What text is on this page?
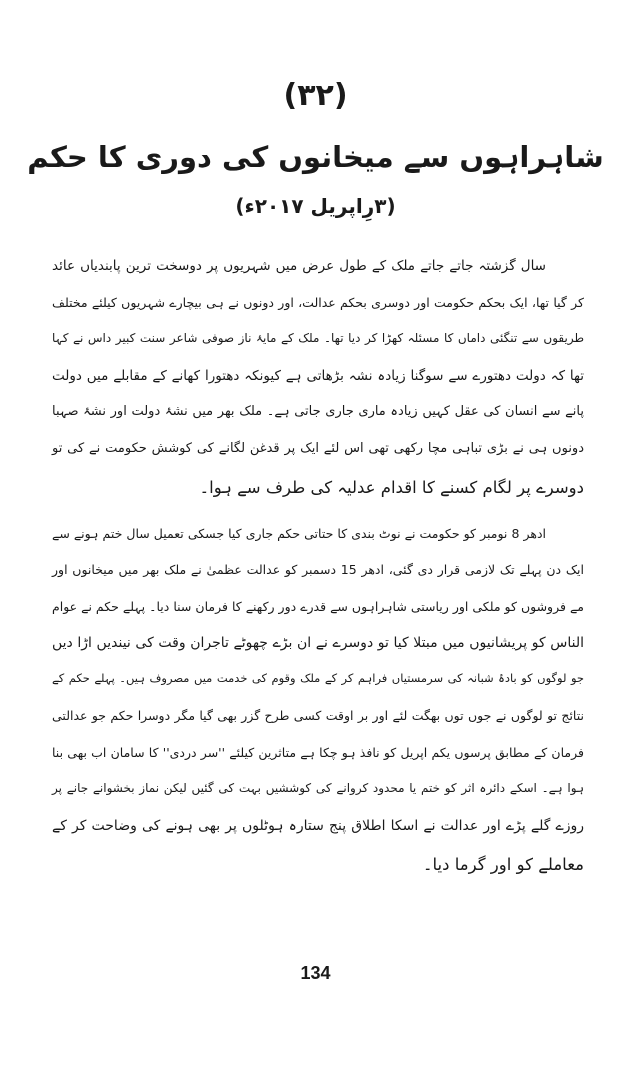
(۳۲)
شاہراہوں سے میخانوں کی دوری کا حکم
(۳رِاپریل ۲۰۱۷ء)
سال گزشتہ جاتے جاتے ملک کے طول عرض میں شہریوں پر دوسخت ترین پابندیاں عائد
کر گیا تھا، ایک بحکم حکومت اور دوسری بحکم عدالت، اور دونوں نے ہی بیچارے شہریوں کیلئے مختلف
طریقوں سے تنگئی داماں کا مسئلہ کھڑا کر دیا تھا۔ ملک کے مایۂ ناز صوفی شاعر سنت کبیر داس نے کہا
تھا کہ دولت دھتورے سے سوگنا زیادہ نشہ بڑھاتی ہے کیونکہ دھتورا کھانے کے مقابلے میں دولت
پانے سے انسان کی عقل کہیں زیادہ ماری جاری جاتی ہے۔ ملک بھر میں نشۂ دولت اور نشۂ صہبا
دونوں ہی نے بڑی تباہی مچا رکھی تھی اس لئے ایک پر قدغن لگانے کی کوشش حکومت نے کی تو
دوسرے پر لگام کسنے کا اقدام عدلیہ کی طرف سے ہوا۔
ادھر 8 نومبر کو حکومت نے نوٹ بندی کا حتاتی حکم جاری کیا جسکی تعمیل سال ختم ہونے سے
ایک دن پہلے تک لازمی قرار دی گئی، ادھر 15 دسمبر کو عدالت عظمیٰ نے ملک بھر میں میخانوں اور
مے فروشوں کو ملکی اور ریاستی شاہراہوں سے قدرے دور رکھنے کا فرمان سنا دیا۔ پہلے حکم نے عوام
الناس کو پریشانیوں میں مبتلا کیا تو دوسرے نے ان بڑے چھوٹے تاجران وقت کی نیندیں اڑا دیں
جو لوگوں کو بادۂ شبانہ کی سرمستیاں فراہم کر کے ملک وقوم کی خدمت میں مصروف ہیں۔ پہلے حکم کے
نتائج تو لوگوں نے جوں توں بھگت لئے اور بر اوقت کسی طرح گزر بھی گیا مگر دوسرا حکم جو عدالتی
فرمان کے مطابق پرسوں یکم اپریل کو نافذ ہو چکا ہے متاثرین کیلئے ''سر دردی'' کا سامان اب بھی بنا
ہوا ہے۔ اسکے دائرہ اثر کو ختم یا محدود کروانے کی کوششیں بہت کی گئیں لیکن نماز بخشوانے جانے پر
روزے گلے پڑے اور عدالت نے اسکا اطلاق پنج ستارہ ہوٹلوں پر بھی ہونے کی وضاحت کر کے
معاملے کو اور گرما دیا۔
134
